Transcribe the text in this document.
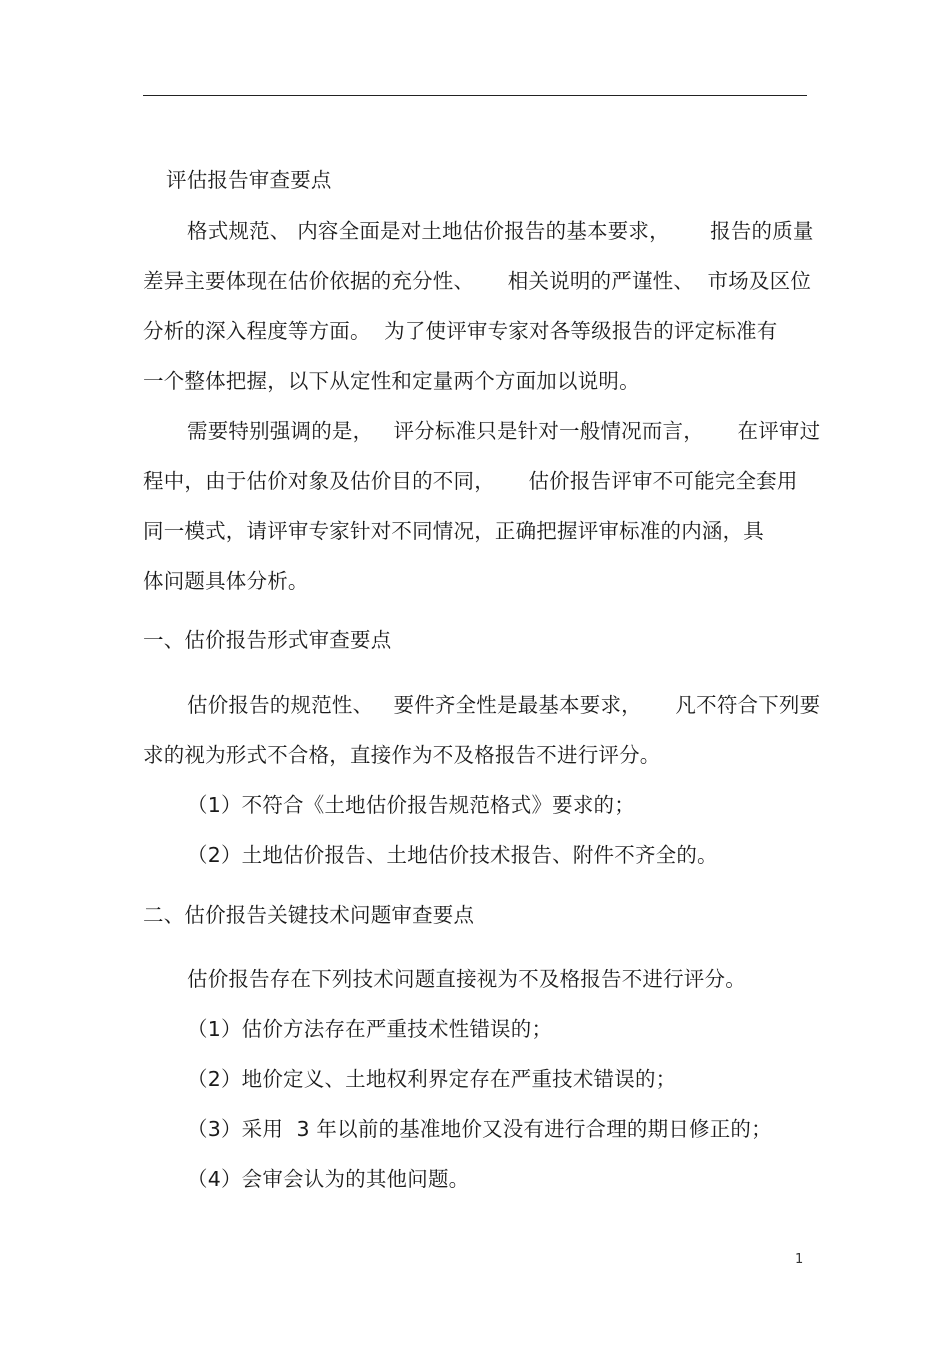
评估报告审查要点
格式规范、 内容全面是对土地估价报告的基本要求，      报告的质量
差异主要体现在估价依据的充分性、     相关说明的严谨性、  市场及区位
分析的深入程度等方面。  为了使评审专家对各等级报告的评定标准有
一个整体把握，以下从定性和定量两个方面加以说明。
需要特别强调的是，   评分标准只是针对一般情况而言，     在评审过
程中，由于估价对象及估价目的不同，     估价报告评审不可能完全套用
同一模式，请评审专家针对不同情况，正确把握评审标准的内涵，具
体问题具体分析。
一、估价报告形式审查要点
估价报告的规范性、   要件齐全性是最基本要求，     凡不符合下列要
求的视为形式不合格，直接作为不及格报告不进行评分。
（1）不符合《土地估价报告规范格式》要求的；
（2）土地估价报告、土地估价技术报告、附件不齐全的。
二、估价报告关键技术问题审查要点
估价报告存在下列技术问题直接视为不及格报告不进行评分。
（1）估价方法存在严重技术性错误的；
（2）地价定义、土地权利界定存在严重技术错误的；
（3）采用  3 年以前的基准地价又没有进行合理的期日修正的；
（4）会审会认为的其他问题。
1
